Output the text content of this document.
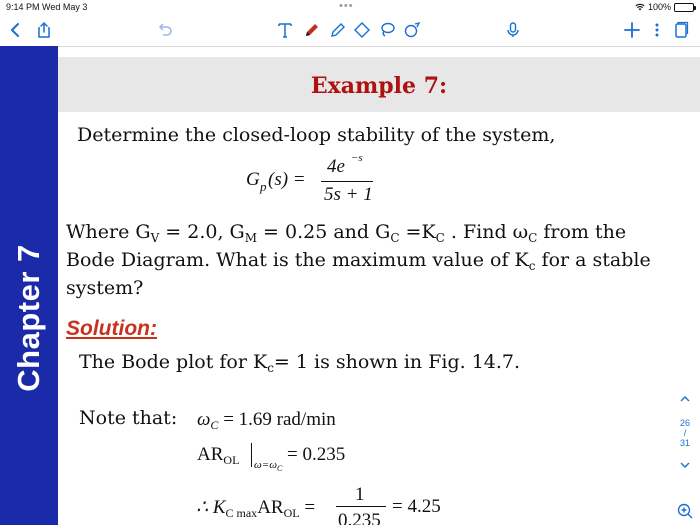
9:14 PM Wed May 3	•••	100%
Chapter 7
Example 7:
Determine the closed-loop stability of the system,
G p (s) =
4e −s
5s + 1
Where $G_V = 2.0$, $G_M = 0.25$ and $G_C =K_C$ . Find $\omega_C$ from the
Bode Diagram. What is the maximum value of $K_c$ for a stable
system?
Solution:
The Bode plot for $K_c= 1$ is shown in Fig. 14.7.
Note that: $\omega_C = 1.69$ rad/min
$AR_{OL}$ $\omega=\omega_C$
= 0.235
∴ $K_{C max}AR_{OL}$ =
1
0.235
= 4.25
26
/
31
